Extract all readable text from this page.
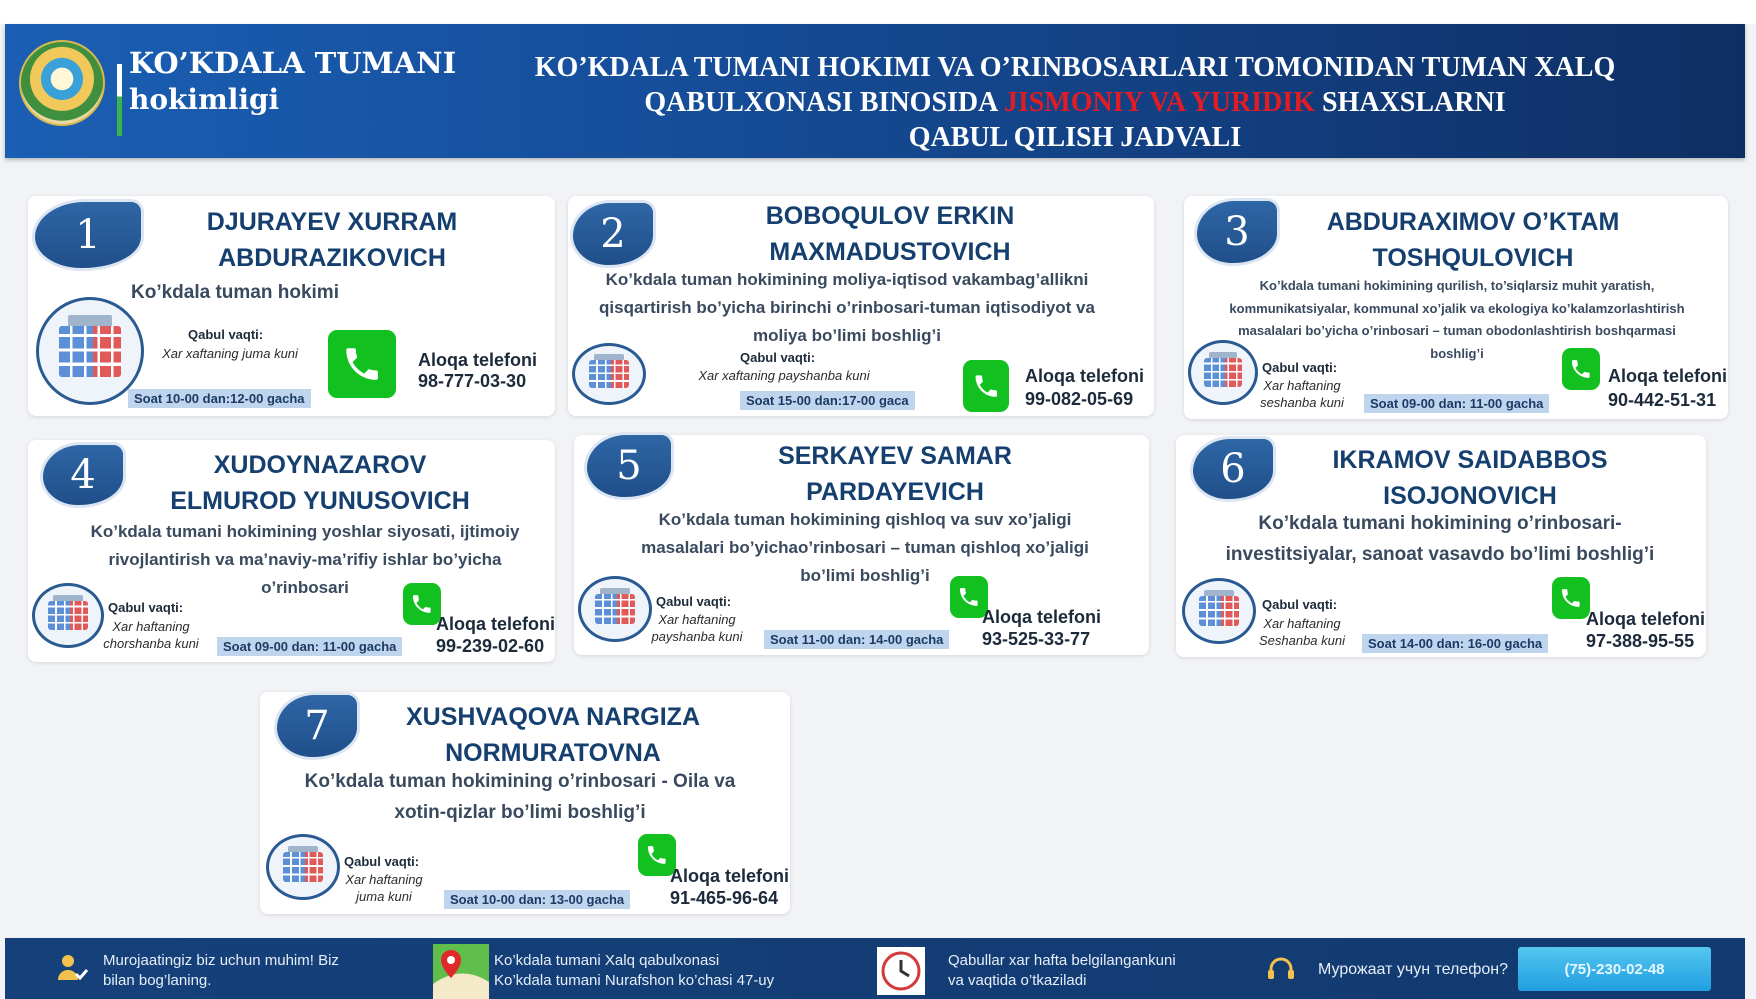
KO’KDALA TUMANI
hokimligi
KO’KDALA TUMANI HOKIMI VA O’RINBOSARLARI TOMONIDAN TUMAN XALQ
QABULXONASI BINOSIDA JISMONIY VA YURIDIK SHAXSLARNI
QABUL QILISH JADVALI
1	DJURAYEV XURRAM ABDURAZIKOVICH
Ko’kdala tuman hokimi
Qabul vaqti:
Xar xaftaning juma kuni
Soat 10-00 dan:12-00 gacha
Aloqa telefoni
98-777-03-30
2	BOBOQULOV ERKIN MAXMADUSTOVICH
Ko’kdala tuman hokimining moliya-iqtisod vakambag’allikni qisqartirish bo’yicha birinchi o’rinbosari-tuman iqtisodiyot va moliya bo’limi boshlig’i
Qabul vaqti:
Xar xaftaning payshanba kuni
Soat 15-00 dan:17-00 gaca
Aloqa telefoni
99-082-05-69
3	ABDURAXIMOV O’KTAM TOSHQULOVICH
Ko’kdala tumani hokimining qurilish, to’siqlarsiz muhit yaratish, kommunikatsiyalar, kommunal xo’jalik va ekologiya ko’kalamzorlashtirish masalalari bo’yicha o’rinbosari – tuman obodonlashtirish boshqarmasi boshlig’i
Qabul vaqti:
Xar haftaning seshanba kuni	Soat 09-00 dan: 11-00 gacha
Aloqa telefoni
90-442-51-31
4	XUDOYNAZAROV ELMUROD YUNUSOVICH
Ko’kdala tumani hokimining yoshlar siyosati, ijtimoiy rivojlantirish va ma’naviy-ma’rifiy ishlar bo’yicha o’rinbosari
Qabul vaqti:
Xar haftaning chorshanba kuni	Soat 09-00 dan: 11-00 gacha
Aloqa telefoni
99-239-02-60
5	SERKAYEV SAMAR PARDAYEVICH
Ko’kdala tuman hokimining qishloq va suv xo’jaligi masalalari bo’yichao’rinbosari – tuman qishloq xo’jaligi bo’limi boshlig’i
Qabul vaqti:
Xar haftaning payshanba kuni	Soat 11-00 dan: 14-00 gacha
Aloqa telefoni
93-525-33-77
6	IKRAMOV SAIDABBOS ISOJONOVICH
Ko’kdala tumani hokimining o’rinbosari- investitsiyalar, sanoat vasavdo bo’limi boshlig’i
Qabul vaqti:
Xar haftaning Seshanba kuni	Soat 14-00 dan: 16-00 gacha
Aloqa telefoni
97-388-95-55
7	XUSHVAQOVA NARGIZA NORMURATOVNA
Ko’kdala tuman hokimining o’rinbosari - Oila va xotin-qizlar bo’limi boshlig’i
Qabul vaqti:
Xar haftaning juma kuni	Soat 10-00 dan: 13-00 gacha
Aloqa telefoni
91-465-96-64
Murojaatingiz biz uchun muhim! Biz
bilan bog’laning.
Ko’kdala tumani Xalq qabulxonasi
Ko’kdala tumani Nurafshon ko’chasi 47-uy
Qabullar xar hafta belgilangankuni
va vaqtida o’tkaziladi
Мурожаат учун телефон?	(75)-230-02-48
